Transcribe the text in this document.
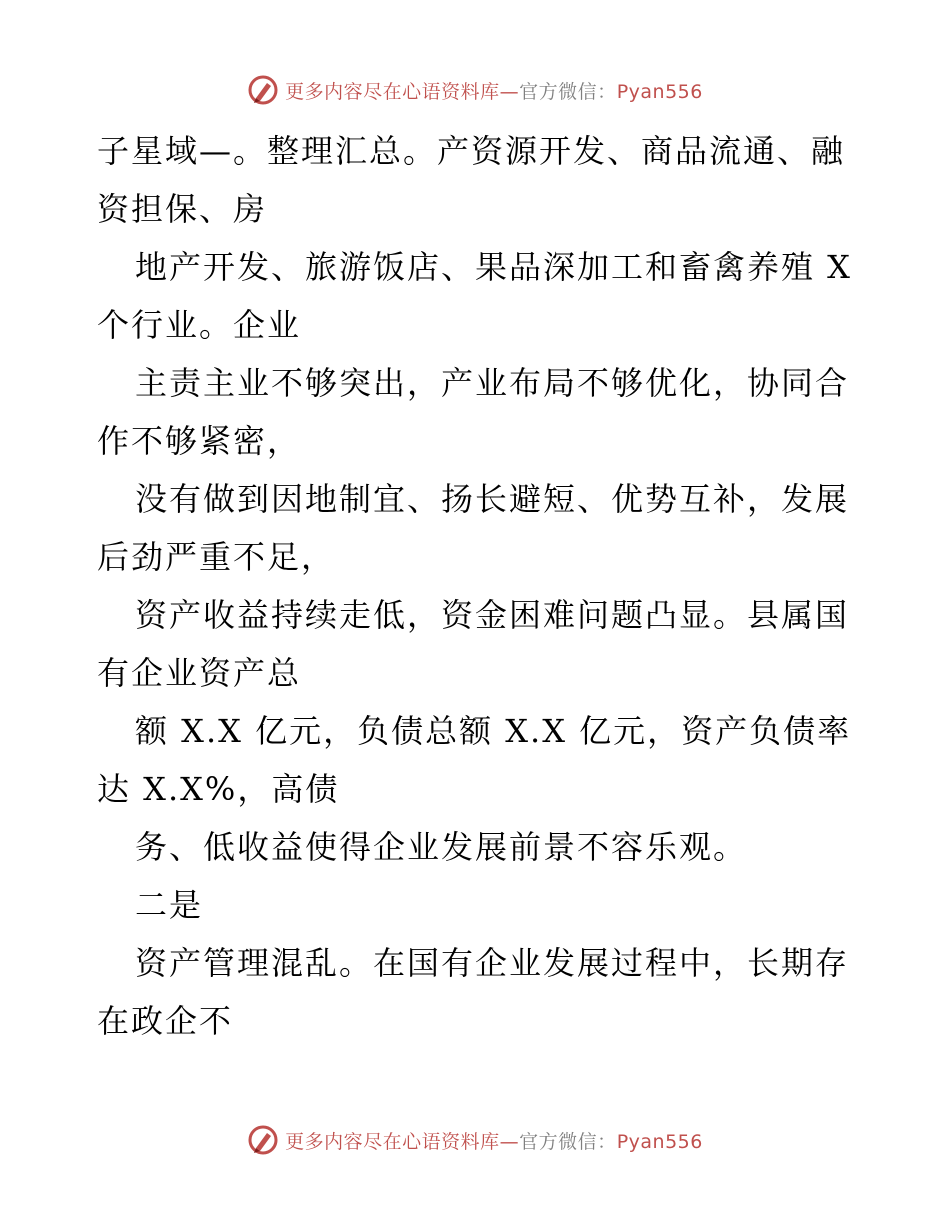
更多内容尽在心语资料库—官方微信：Pyan556
子星域—。整理汇总。产资源开发、商品流通、融
资担保、房
地产开发、旅游饭店、果品深加工和畜禽养殖 X
个行业。企业
主责主业不够突出，产业布局不够优化，协同合
作不够紧密，
没有做到因地制宜、扬长避短、优势互补，发展
后劲严重不足，
资产收益持续走低，资金困难问题凸显。县属国
有企业资产总
额 X.X 亿元，负债总额 X.X 亿元，资产负债率
达 X.X%，高债
务、低收益使得企业发展前景不容乐观。
二是
资产管理混乱。在国有企业发展过程中，长期存
在政企不
更多内容尽在心语资料库—官方微信：Pyan556
